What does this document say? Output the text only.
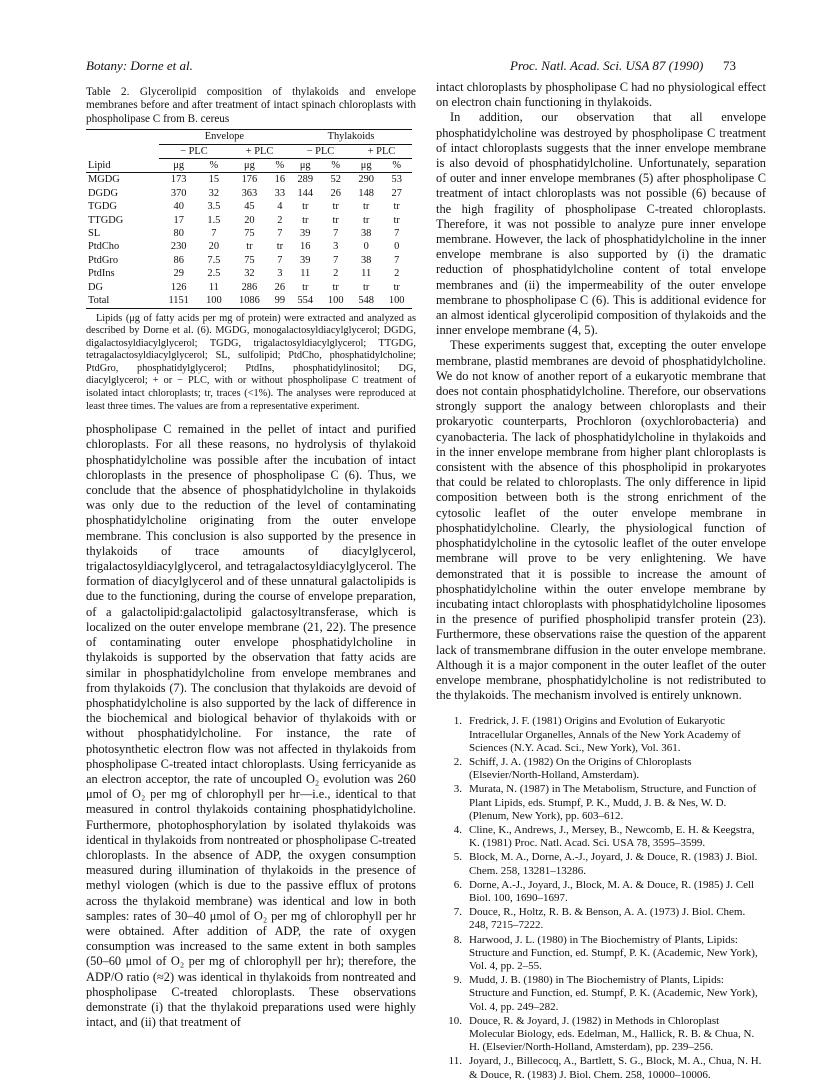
Botany: Dorne et al.	Proc. Natl. Acad. Sci. USA 87 (1990) 73
Table 2. Glycerolipid composition of thylakoids and envelope membranes before and after treatment of intact spinach chloroplasts with phospholipase C from B. cereus
	Envelope				Thylakoids			
	− PLC		+ PLC		− PLC		+ PLC	
Lipid	μg	%	μg	%	μg	%	μg	%
MGDG	173	15	176	16	289	52	290	53
DGDG	370	32	363	33	144	26	148	27
TGDG	40	3.5	45	4	tr	tr	tr	tr
TTGDG	17	1.5	20	2	tr	tr	tr	tr
SL	80	7	75	7	39	7	38	7
PtdCho	230	20	tr	tr	16	3	0	0
PtdGro	86	7.5	75	7	39	7	38	7
PtdIns	29	2.5	32	3	11	2	11	2
DG	126	11	286	26	tr	tr	tr	tr
Total	1151	100	1086	99	554	100	548	100
Lipids (μg of fatty acids per mg of protein) were extracted and analyzed as described by Dorne et al. (6). MGDG, monogalactosyldiacylglycerol; DGDG, digalactosyldiacylglycerol; TGDG, trigalactosyldiacylglycerol; TTGDG, tetragalactosyldiacylglycerol; SL, sulfolipid; PtdCho, phosphatidylcholine; PtdGro, phosphatidylglycerol; PtdIns, phosphatidylinositol; DG, diacylglycerol; + or − PLC, with or without phospholipase C treatment of isolated intact chloroplasts; tr, traces (<1%). The analyses were reproduced at least three times. The values are from a representative experiment.

phospholipase C remained in the pellet of intact and purified chloroplasts. For all these reasons, no hydrolysis of thylakoid phosphatidylcholine was possible after the incubation of intact chloroplasts in the presence of phospholipase C (6). Thus, we conclude that the absence of phosphatidylcholine in thylakoids was only due to the reduction of the level of contaminating phosphatidylcholine originating from the outer envelope membrane. This conclusion is also supported by the presence in thylakoids of trace amounts of diacylglycerol, trigalactosyldiacylglycerol, and tetragalactosyldiacylglycerol. The formation of diacylglycerol and of these unnatural galactolipids is due to the functioning, during the course of envelope preparation, of a galactolipid:galactolipid galactosyltransferase, which is localized on the outer envelope membrane (21, 22). The presence of contaminating outer envelope phosphatidylcholine in thylakoids is supported by the observation that fatty acids are similar in phosphatidylcholine from envelope membranes and from thylakoids (7). The conclusion that thylakoids are devoid of phosphatidylcholine is also supported by the lack of difference in the biochemical and biological behavior of thylakoids with or without phosphatidylcholine. For instance, the rate of photosynthetic electron flow was not affected in thylakoids from phospholipase C-treated intact chloroplasts. Using ferricyanide as an electron acceptor, the rate of uncoupled O₂ evolution was 260 μmol of O₂ per mg of chlorophyll per hr—i.e., identical to that measured in control thylakoids containing phosphatidylcholine. Furthermore, photophosphorylation by isolated thylakoids was identical in thylakoids from nontreated or phospholipase C-treated chloroplasts. In the absence of ADP, the oxygen consumption measured during illumination of thylakoids in the presence of methyl viologen (which is due to the passive efflux of protons across the thylakoid membrane) was identical and low in both samples: rates of 30–40 μmol of O₂ per mg of chlorophyll per hr were obtained. After addition of ADP, the rate of oxygen consumption was increased to the same extent in both samples (50–60 μmol of O₂ per mg of chlorophyll per hr); therefore, the ADP/O ratio (≈2) was identical in thylakoids from nontreated and phospholipase C-treated chloroplasts. These observations demonstrate (i) that the thylakoid preparations used were highly intact, and (ii) that treatment of

intact chloroplasts by phospholipase C had no physiological effect on electron chain functioning in thylakoids.

In addition, our observation that all envelope phosphatidylcholine was destroyed by phospholipase C treatment of intact chloroplasts suggests that the inner envelope membrane is also devoid of phosphatidylcholine. Unfortunately, separation of outer and inner envelope membranes (5) after phospholipase C treatment of intact chloroplasts was not possible (6) because of the high fragility of phospholipase C-treated chloroplasts. Therefore, it was not possible to analyze pure inner envelope membrane. However, the lack of phosphatidylcholine in the inner envelope membrane is also supported by (i) the dramatic reduction of phosphatidylcholine content of total envelope membranes and (ii) the impermeability of the outer envelope membrane to phospholipase C (6). This is additional evidence for an almost identical glycerolipid composition of thylakoids and the inner envelope membrane (4, 5).

These experiments suggest that, excepting the outer envelope membrane, plastid membranes are devoid of phosphatidylcholine. We do not know of another report of a eukaryotic membrane that does not contain phosphatidylcholine. Therefore, our observations strongly support the analogy between chloroplasts and their prokaryotic counterparts, Prochloron (oxychlorobacteria) and cyanobacteria. The lack of phosphatidylcholine in thylakoids and in the inner envelope membrane from higher plant chloroplasts is consistent with the absence of this phospholipid in prokaryotes that could be related to chloroplasts. The only difference in lipid composition between both is the strong enrichment of the cytosolic leaflet of the outer envelope membrane in phosphatidylcholine. Clearly, the physiological function of phosphatidylcholine in the cytosolic leaflet of the outer envelope membrane will prove to be very enlightening. We have demonstrated that it is possible to increase the amount of phosphatidylcholine within the outer envelope membrane by incubating intact chloroplasts with phosphatidylcholine liposomes in the presence of purified phospholipid transfer protein (23). Furthermore, these observations raise the question of the apparent lack of transmembrane diffusion in the outer envelope membrane. Although it is a major component in the outer leaflet of the outer envelope membrane, phosphatidylcholine is not redistributed to the thylakoids. The mechanism involved is entirely unknown.

1. Fredrick, J. F. (1981) Origins and Evolution of Eukaryotic Intracellular Organelles, Annals of the New York Academy of Sciences (N.Y. Acad. Sci., New York), Vol. 361.
2. Schiff, J. A. (1982) On the Origins of Chloroplasts (Elsevier/North-Holland, Amsterdam).
3. Murata, N. (1987) in The Metabolism, Structure, and Function of Plant Lipids, eds. Stumpf, P. K., Mudd, J. B. & Nes, W. D. (Plenum, New York), pp. 603–612.
4. Cline, K., Andrews, J., Mersey, B., Newcomb, E. H. & Keegstra, K. (1981) Proc. Natl. Acad. Sci. USA 78, 3595–3599.
5. Block, M. A., Dorne, A.-J., Joyard, J. & Douce, R. (1983) J. Biol. Chem. 258, 13281–13286.
6. Dorne, A.-J., Joyard, J., Block, M. A. & Douce, R. (1985) J. Cell Biol. 100, 1690–1697.
7. Douce, R., Holtz, R. B. & Benson, A. A. (1973) J. Biol. Chem. 248, 7215–7222.
8. Harwood, J. L. (1980) in The Biochemistry of Plants, Lipids: Structure and Function, ed. Stumpf, P. K. (Academic, New York), Vol. 4, pp. 2–55.
9. Mudd, J. B. (1980) in The Biochemistry of Plants, Lipids: Structure and Function, ed. Stumpf, P. K. (Academic, New York), Vol. 4, pp. 249–282.
10. Douce, R. & Joyard, J. (1982) in Methods in Chloroplast Molecular Biology, eds. Edelman, M., Hallick, R. B. & Chua, N. H. (Elsevier/North-Holland, Amsterdam), pp. 239–256.
11. Joyard, J., Billecocq, A., Bartlett, S. G., Block, M. A., Chua, N. H. & Douce, R. (1983) J. Biol. Chem. 258, 10000–10006.
